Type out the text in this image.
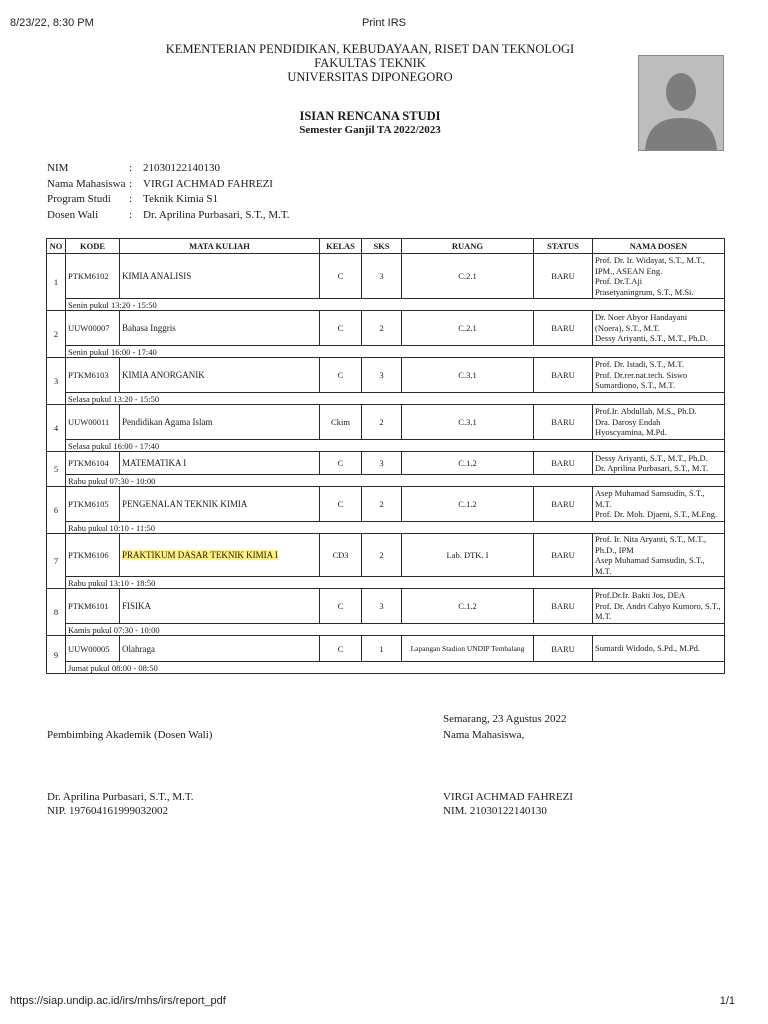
8/23/22, 8:30 PM	Print IRS
https://siap.undip.ac.id/irs/mhs/irs/report_pdf	1/1
KEMENTERIAN PENDIDIKAN, KEBUDAYAAN, RISET DAN TEKNOLOGI
FAKULTAS TEKNIK
UNIVERSITAS DIPONEGORO
ISIAN RENCANA STUDI
Semester Ganjil TA 2022/2023
NIM	:	21030122140130
Nama Mahasiswa	:	VIRGI ACHMAD FAHREZI
Program Studi	:	Teknik Kimia S1
Dosen Wali	:	Dr. Aprilina Purbasari, S.T., M.T.
NO	KODE	MATA KULIAH	KELAS	SKS	RUANG	STATUS	NAMA DOSEN
1	PTKM6102	KIMIA ANALISIS	C	3	C.2.1	BARU	Prof. Dr. Ir. Widayat, S.T., M.T.,
IPM., ASEAN Eng.
Prof. Dr.T.Aji
Prasetyaningrum, S.T., M.Si.

	Senin pukul 13:20 - 15:50						
2	UUW00007	Bahasa Inggris	C	2	C.2.1	BARU	Dr. Noer Abyor Handayani
(Noera), S.T., M.T.
Dessy Ariyanti, S.T., M.T., Ph.D.

	Senin pukul 16:00 - 17:40						
3	PTKM6103	KIMIA ANORGANIK	C	3	C.3.1	BARU	Prof. Dr. Istadi, S.T., M.T.
Prof. Dr.rer.nat.tech. Siswo
Sumardiono, S.T., M.T.

	Selasa pukul 13:20 - 15:50						
4	UUW00011	Pendidikan Agama Islam	Ckim	2	C.3.1	BARU	Prof.Ir. Abdullah, M.S., Ph.D.
Dra. Darosy Endah
Hyoscyamina, M.Pd.

	Selasa pukul 16:00 - 17:40						
5	PTKM6104	MATEMATIKA I	C	3	C.1.2	BARU	Dessy Ariyanti, S.T., M.T., Ph.D.
Dr. Aprilina Purbasari, S.T., M.T.

	Rabu pukul 07:30 - 10:00						
6	PTKM6105	PENGENALAN TEKNIK KIMIA	C	2	C.1.2	BARU	Asep Muhamad Samsudin, S.T.,
M.T.
Prof. Dr. Moh. Djaeni, S.T., M.Eng.

	Rabu pukul 10:10 - 11:50						
7	PTKM6106	PRAKTIKUM DASAR TEKNIK KIMIA I	CD3	2	Lab. DTK. I	BARU	Prof. Ir. Nita Aryanti, S.T., M.T.,
Ph.D., IPM
Asep Muhamad Samsudin, S.T.,
M.T.

	Rabu pukul 13:10 - 18:50						
8	PTKM6101	FISIKA	C	3	C.1.2	BARU	Prof.Dr.Ir. Bakti Jos, DEA
Prof. Dr. Andri Cahyo Kumoro, S.T.,
M.T.

	Kamis pukul 07:30 - 10:00						
9	UUW00005	Olahraga	C	1	Lapangan Stadion UNDIP Tembalang	BARU	Sumardi Widodo, S.Pd., M.Pd.

	Jumat pukul 08:00 - 08:50						
Semarang, 23 Agustus 2022
Pembimbing Akademik (Dosen Wali)	Nama Mahasiswa,
Dr. Aprilina Purbasari, S.T., M.T.
NIP. 197604161999032002
VIRGI ACHMAD FAHREZI
NIM. 21030122140130
